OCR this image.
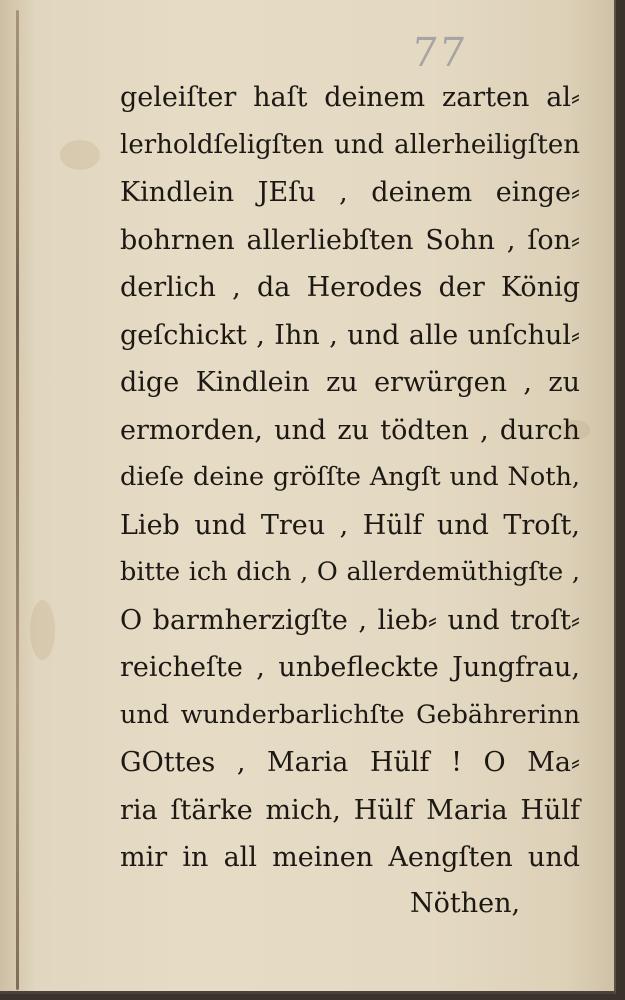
77
geleiſter haſt deinem zarten al⸗
lerholdſeligſten und allerheiligſten
Kindlein JEſu , deinem einge⸗
bohrnen allerliebſten Sohn , ſon⸗
derlich , da Herodes der König
geſchickt , Ihn , und alle unſchul⸗
dige Kindlein zu erwürgen , zu
ermorden, und zu tödten , durch
dieſe deine gröſſte Angſt und Noth,
Lieb und Treu , Hülf und Troſt,
bitte ich dich , O allerdemüthigſte ,
O barmherzigſte , lieb⸗ und troſt⸗
reicheſte , unbefleckte Jungfrau,
und wunderbarlichſte Gebährerinn
GOttes , Maria Hülf ! O Ma⸗
ria ſtärke mich, Hülf Maria Hülf
mir in all meinen Aengſten und
Nöthen,
